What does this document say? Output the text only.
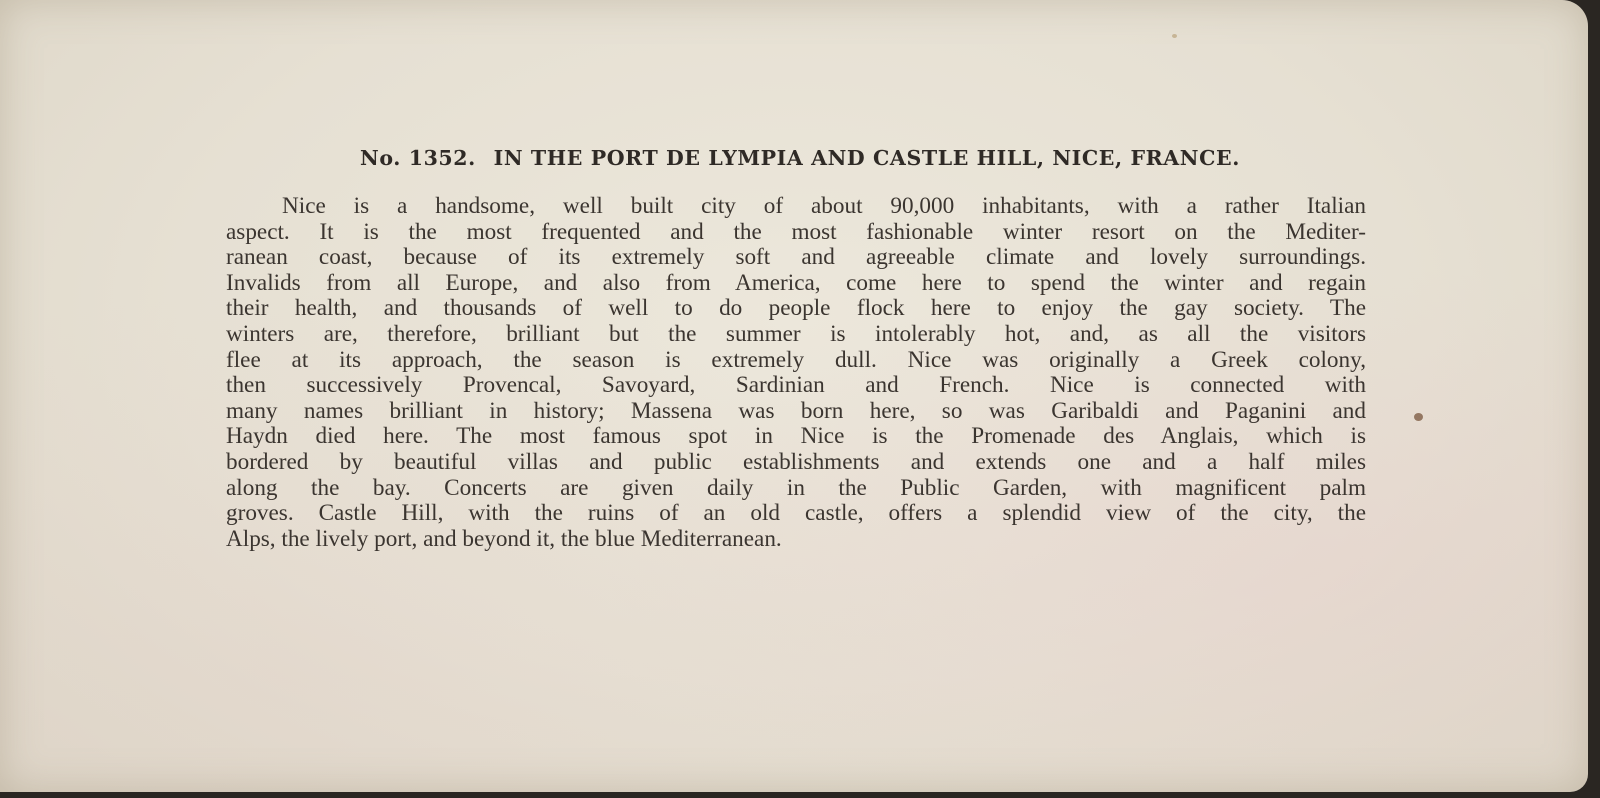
No. 1352. IN THE PORT DE LYMPIA AND CASTLE HILL, NICE, FRANCE.
Nice is a handsome, well built city of about 90,000 inhabitants, with a rather Italian
aspect. It is the most frequented and the most fashionable winter resort on the Mediter-
ranean coast, because of its extremely soft and agreeable climate and lovely surroundings.
Invalids from all Europe, and also from America, come here to spend the winter and regain
their health, and thousands of well to do people flock here to enjoy the gay society. The
winters are, therefore, brilliant but the summer is intolerably hot, and, as all the visitors
flee at its approach, the season is extremely dull. Nice was originally a Greek colony,
then successively Provencal, Savoyard, Sardinian and French. Nice is connected with
many names brilliant in history; Massena was born here, so was Garibaldi and Paganini and
Haydn died here. The most famous spot in Nice is the Promenade des Anglais, which is
bordered by beautiful villas and public establishments and extends one and a half miles
along the bay. Concerts are given daily in the Public Garden, with magnificent palm
groves. Castle Hill, with the ruins of an old castle, offers a splendid view of the city, the
Alps, the lively port, and beyond it, the blue Mediterranean.
